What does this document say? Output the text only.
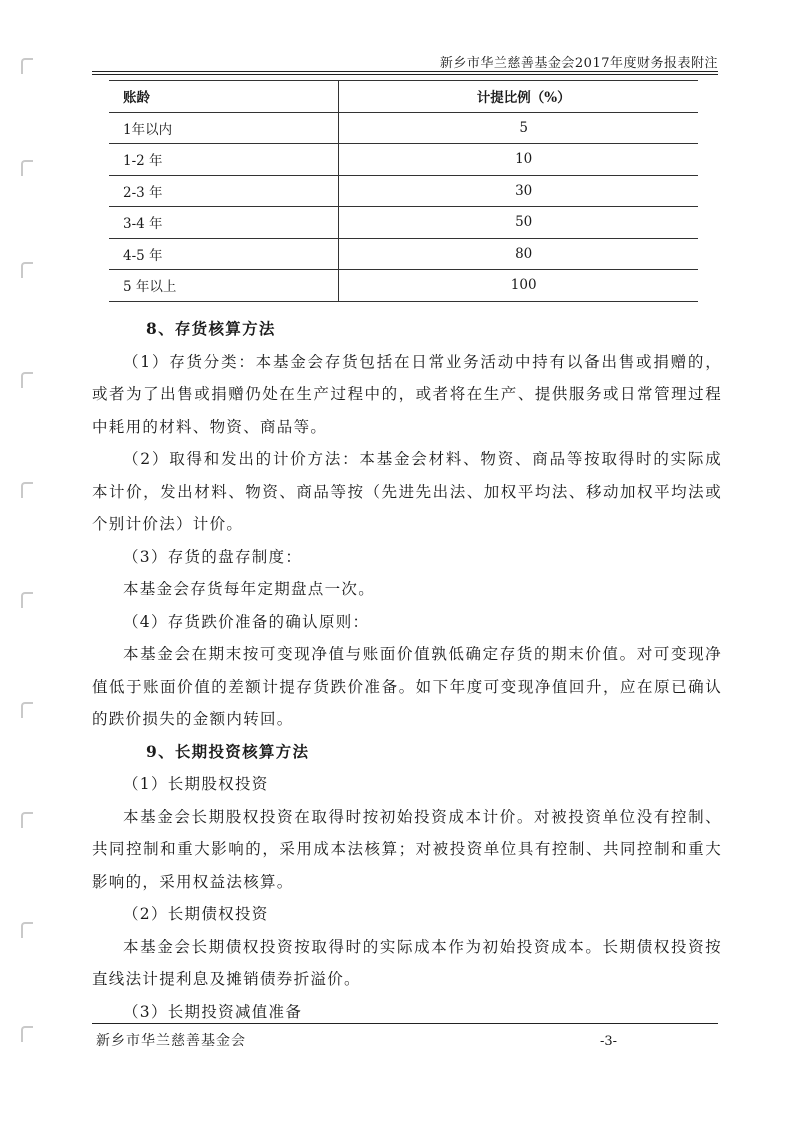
新乡市华兰慈善基金会2017年度财务报表附注
账龄	计提比例（%）
1年以内	5
1-2 年	10
2-3 年	30
3-4 年	50
4-5 年	80
5 年以上	100

8、存货核算方法

（1）存货分类：本基金会存货包括在日常业务活动中持有以备出售或捐赠的，或者为了出售或捐赠仍处在生产过程中的，或者将在生产、提供服务或日常管理过程中耗用的材料、物资、商品等。

（2）取得和发出的计价方法：本基金会材料、物资、商品等按取得时的实际成本计价，发出材料、物资、商品等按（先进先出法、加权平均法、移动加权平均法或个别计价法）计价。

（3）存货的盘存制度：

本基金会存货每年定期盘点一次。

（4）存货跌价准备的确认原则：

本基金会在期末按可变现净值与账面价值孰低确定存货的期末价值。对可变现净值低于账面价值的差额计提存货跌价准备。如下年度可变现净值回升，应在原已确认的跌价损失的金额内转回。

9、长期投资核算方法

（1）长期股权投资

本基金会长期股权投资在取得时按初始投资成本计价。对被投资单位没有控制、共同控制和重大影响的，采用成本法核算；对被投资单位具有控制、共同控制和重大影响的，采用权益法核算。

（2）长期债权投资

本基金会长期债权投资按取得时的实际成本作为初始投资成本。长期债权投资按直线法计提利息及摊销债券折溢价。

（3）长期投资减值准备

新乡市华兰慈善基金会	-3-
